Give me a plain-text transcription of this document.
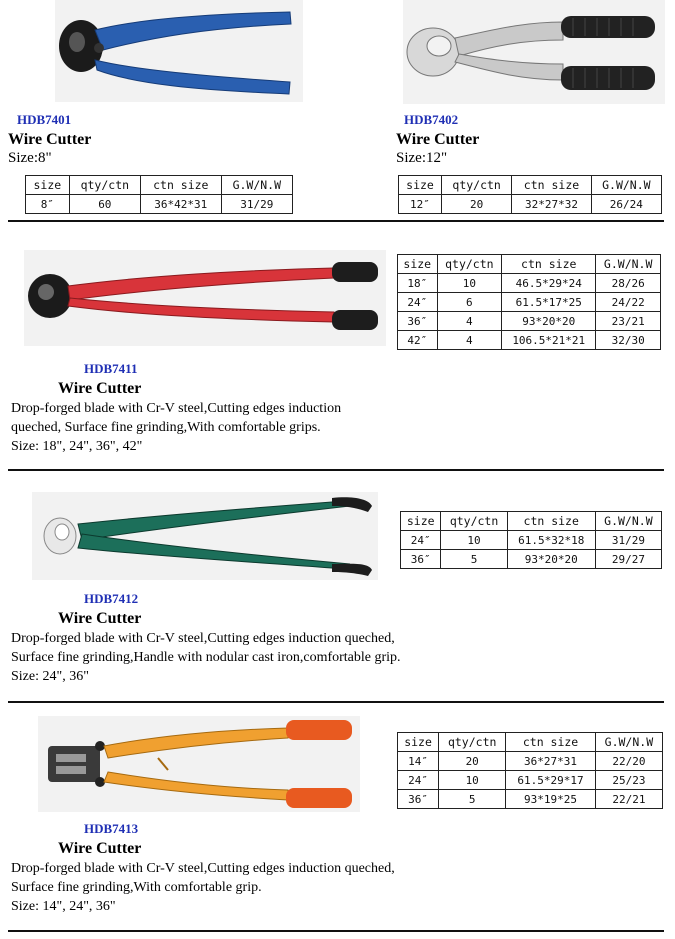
HDB7401
Wire Cutter
Size:8"
size	qty/ctn	ctn size	G.W/N.W
8″	60	36*42*31	31/29
HDB7402
Wire Cutter
Size:12"
size	qty/ctn	ctn size	G.W/N.W
12″	20	32*27*32	26/24
size	qty/ctn	ctn size	G.W/N.W
18″	10	46.5*29*24	28/26
24″	6	61.5*17*25	24/22
36″	4	93*20*20	23/21
42″	4	106.5*21*21	32/30
HDB7411
Wire Cutter
Drop-forged blade with Cr-V steel,Cutting edges induction
queched, Surface fine grinding,With comfortable grips.
Size: 18", 24", 36", 42"
size	qty/ctn	ctn size	G.W/N.W
24″	10	61.5*32*18	31/29
36″	5	93*20*20	29/27
HDB7412
Wire Cutter
Drop-forged blade with Cr-V steel,Cutting edges induction queched,
Surface fine grinding,Handle with nodular cast iron,comfortable grip.
Size: 24", 36"
size	qty/ctn	ctn size	G.W/N.W
14″	20	36*27*31	22/20
24″	10	61.5*29*17	25/23
36″	5	93*19*25	22/21
HDB7413
Wire Cutter
Drop-forged blade with Cr-V steel,Cutting edges induction queched,
Surface fine grinding,With comfortable grip.
Size: 14", 24", 36"
